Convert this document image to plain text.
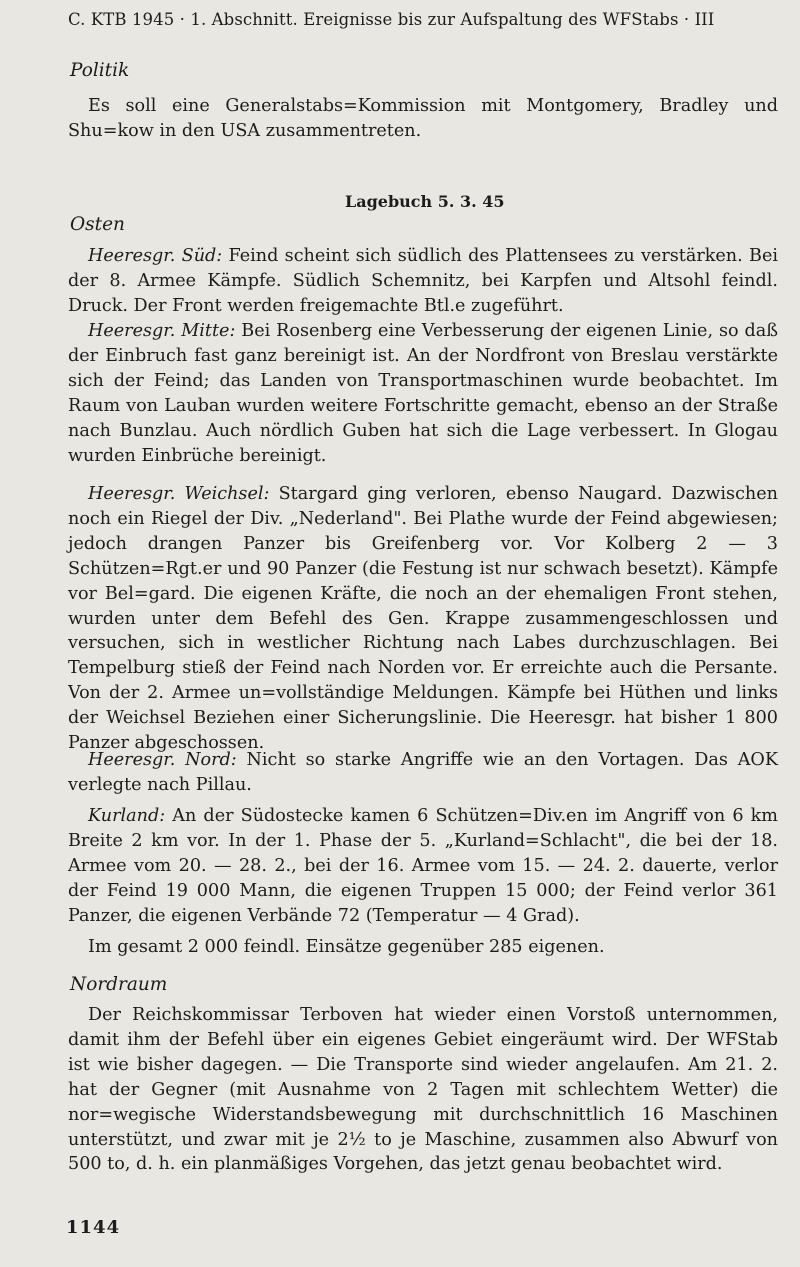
C. KTB 1945 · 1. Abschnitt. Ereignisse bis zur Aufspaltung des WFStabs · III
Politik

Es soll eine Generalstabs=Kommission mit Montgomery, Bradley und Shu=kow in den USA zusammentreten.

Lagebuch 5. 3. 45
Osten

Heeresgr. Süd: Feind scheint sich südlich des Plattensees zu verstärken. Bei der 8. Armee Kämpfe. Südlich Schemnitz, bei Karpfen und Altsohl feindl. Druck. Der Front werden freigemachte Btl.e zugeführt.

Heeresgr. Mitte: Bei Rosenberg eine Verbesserung der eigenen Linie, so daß der Einbruch fast ganz bereinigt ist. An der Nordfront von Breslau verstärkte sich der Feind; das Landen von Transportmaschinen wurde beobachtet. Im Raum von Lauban wurden weitere Fortschritte gemacht, ebenso an der Straße nach Bunzlau. Auch nördlich Guben hat sich die Lage verbessert. In Glogau wurden Einbrüche bereinigt.

Heeresgr. Weichsel: Stargard ging verloren, ebenso Naugard. Dazwischen noch ein Riegel der Div. „Nederland". Bei Plathe wurde der Feind abgewiesen; jedoch drangen Panzer bis Greifenberg vor. Vor Kolberg 2 — 3 Schützen=Rgt.er und 90 Panzer (die Festung ist nur schwach besetzt). Kämpfe vor Bel=gard. Die eigenen Kräfte, die noch an der ehemaligen Front stehen, wurden unter dem Befehl des Gen. Krappe zusammengeschlossen und versuchen, sich in westlicher Richtung nach Labes durchzuschlagen. Bei Tempelburg stieß der Feind nach Norden vor. Er erreichte auch die Persante. Von der 2. Armee un=vollständige Meldungen. Kämpfe bei Hüthen und links der Weichsel Beziehen einer Sicherungslinie. Die Heeresgr. hat bisher 1 800 Panzer abgeschossen.

Heeresgr. Nord: Nicht so starke Angriffe wie an den Vortagen. Das AOK verlegte nach Pillau.

Kurland: An der Südostecke kamen 6 Schützen=Div.en im Angriff von 6 km Breite 2 km vor. In der 1. Phase der 5. „Kurland=Schlacht", die bei der 18. Armee vom 20. — 28. 2., bei der 16. Armee vom 15. — 24. 2. dauerte, verlor der Feind 19 000 Mann, die eigenen Truppen 15 000; der Feind verlor 361 Panzer, die eigenen Verbände 72 (Temperatur — 4 Grad).

Im gesamt 2 000 feindl. Einsätze gegenüber 285 eigenen.

Nordraum

Der Reichskommissar Terboven hat wieder einen Vorstoß unternommen, damit ihm der Befehl über ein eigenes Gebiet eingeräumt wird. Der WFStab ist wie bisher dagegen. — Die Transporte sind wieder angelaufen. Am 21. 2. hat der Gegner (mit Ausnahme von 2 Tagen mit schlechtem Wetter) die nor=wegische Widerstandsbewegung mit durchschnittlich 16 Maschinen unterstützt, und zwar mit je 2½ to je Maschine, zusammen also Abwurf von 500 to, d. h. ein planmäßiges Vorgehen, das jetzt genau beobachtet wird.

1144
